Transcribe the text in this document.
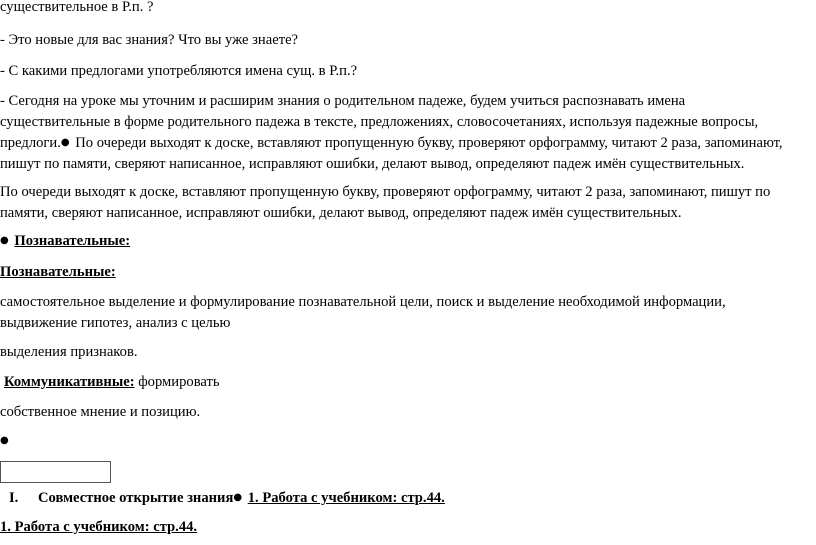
существительное в Р.п. ?
- Это новые для вас знания? Что вы уже знаете?
- С какими предлогами употребляются имена сущ. в Р.п.?
- Сегодня на уроке мы уточним и расширим знания о родительном падеже, будем учиться распознавать имена
существительные в форме родительного падежа в тексте, предложениях, словосочетаниях, используя падежные вопросы,
предлоги.● По очереди выходят к доске, вставляют пропущенную букву, проверяют орфограмму, читают 2 раза, запоминают,
пишут по памяти, сверяют написанное, исправляют ошибки, делают вывод, определяют падеж имён существительных.
По очереди выходят к доске, вставляют пропущенную букву, проверяют орфограмму, читают 2 раза, запоминают, пишут по
памяти, сверяют написанное, исправляют ошибки, делают вывод, определяют падеж имён существительных.
● Познавательные:
Познавательные:
самостоятельное выделение и формулирование познавательной цели, поиск и выделение необходимой информации,
выдвижение гипотез, анализ с целью
выделения признаков.
Коммуникативные: формировать
собственное мнение и позицию.
●
I. Совместное открытие знания● 1. Работа с учебником: стр.44.
1. Работа с учебником: стр.44.
